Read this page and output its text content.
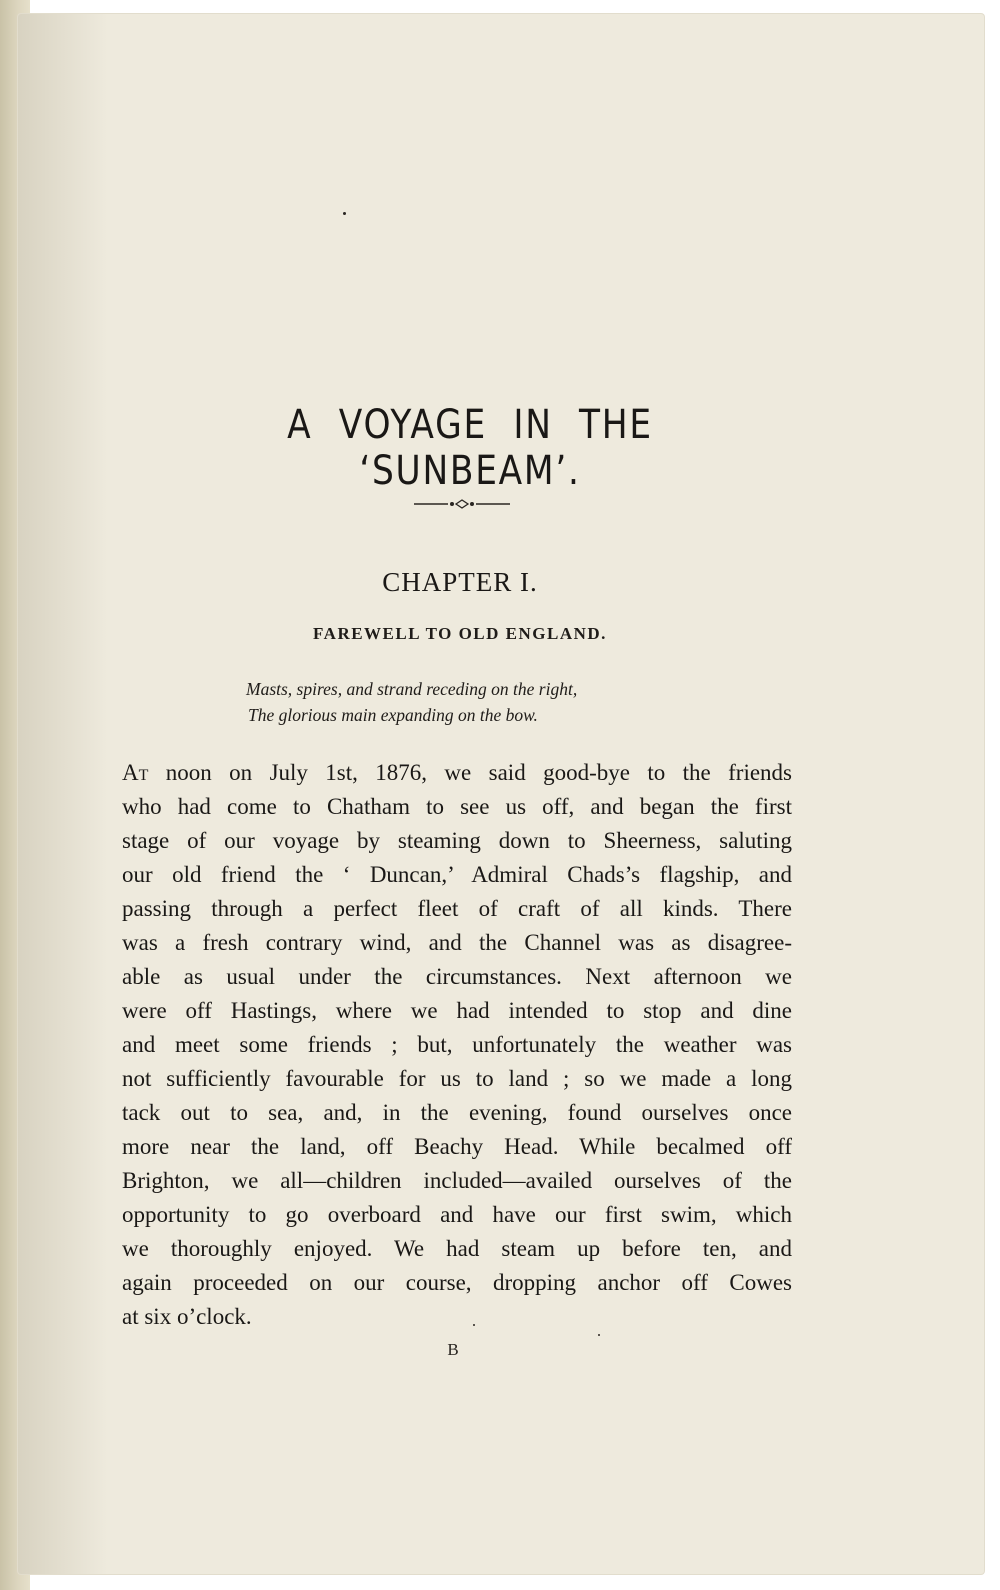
A VOYAGE IN THE ‘SUNBEAM’.
CHAPTER I.
FAREWELL TO OLD ENGLAND.
Masts, spires, and strand receding on the right,
The glorious main expanding on the bow.
At noon on July 1st, 1876, we said good-bye to the friends
who had come to Chatham to see us off, and began the first
stage of our voyage by steaming down to Sheerness, saluting
our old friend the ‘ Duncan,’ Admiral Chads’s flagship, and
passing through a perfect fleet of craft of all kinds. There
was a fresh contrary wind, and the Channel was as disagree-
able as usual under the circumstances. Next afternoon we
were off Hastings, where we had intended to stop and dine
and meet some friends ; but, unfortunately the weather was
not sufficiently favourable for us to land ; so we made a long
tack out to sea, and, in the evening, found ourselves once
more near the land, off Beachy Head. While becalmed off
Brighton, we all—children included—availed ourselves of the
opportunity to go overboard and have our first swim, which
we thoroughly enjoyed. We had steam up before ten, and
again proceeded on our course, dropping anchor off Cowes
at six o’clock.
B
